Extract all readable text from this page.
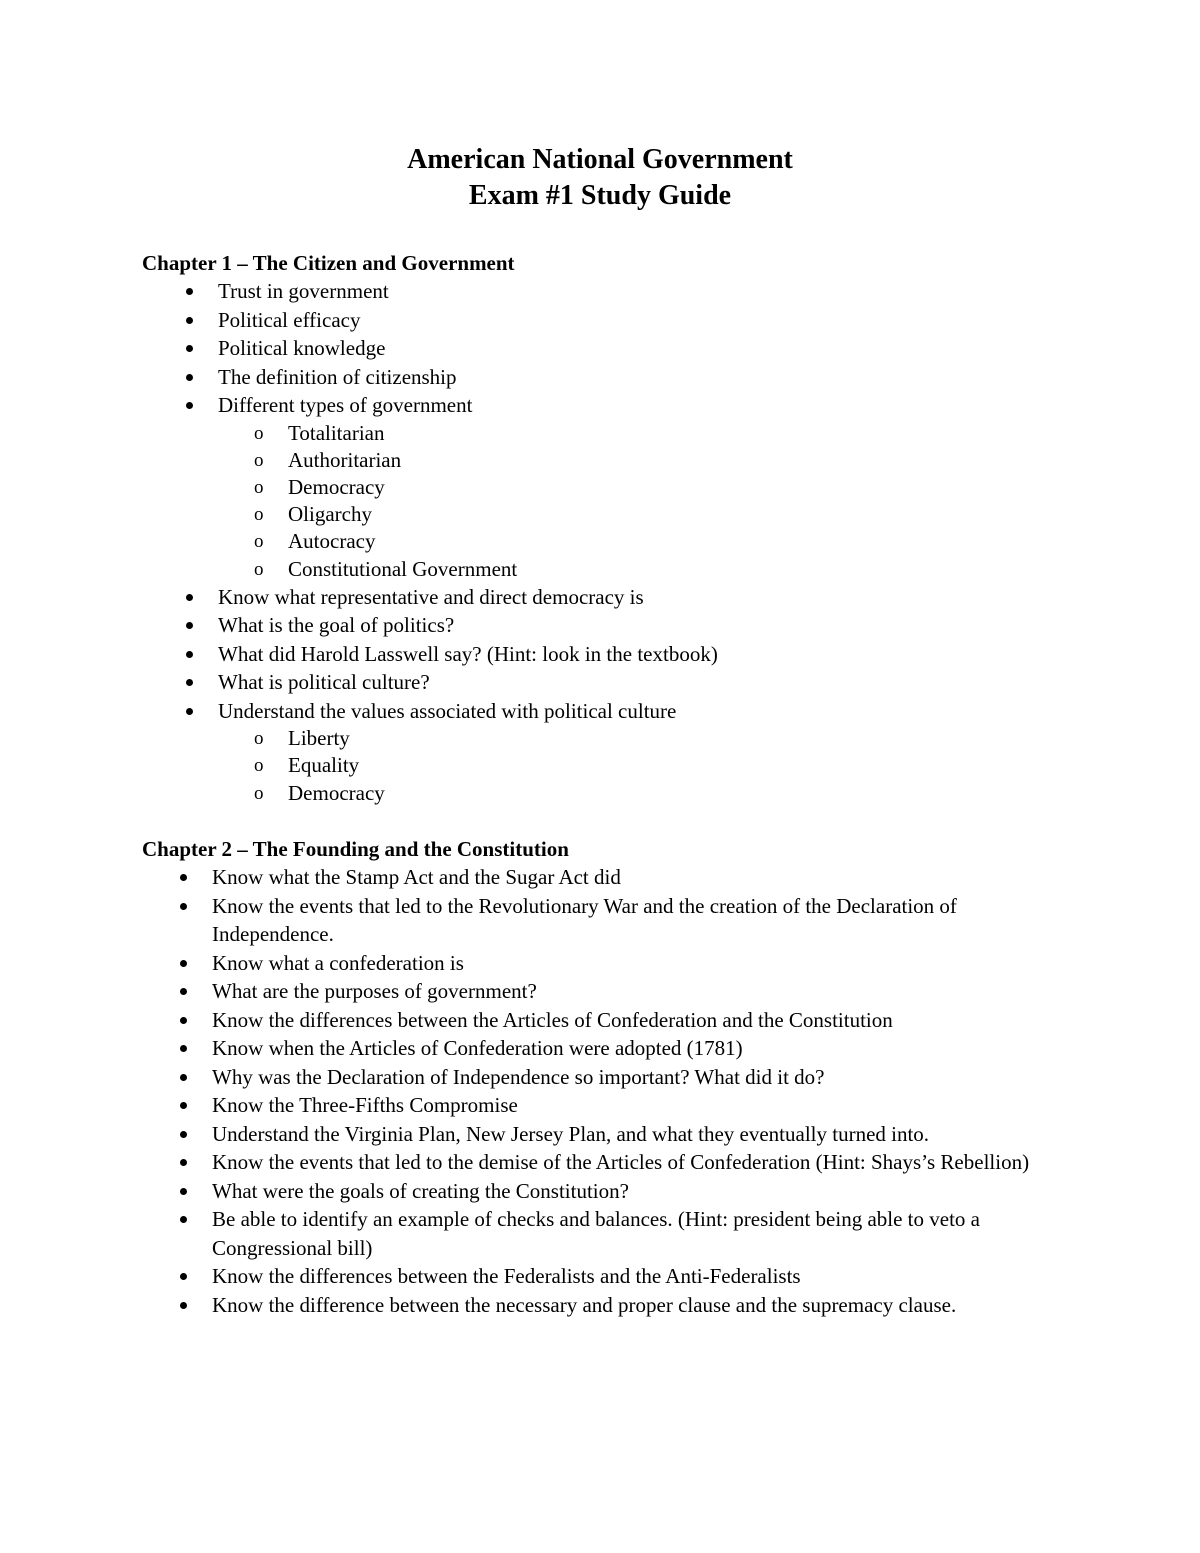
American National Government
Exam #1 Study Guide
Chapter 1 – The Citizen and Government
Trust in government
Political efficacy
Political knowledge
The definition of citizenship
Different types of government
o Totalitarian
o Authoritarian
o Democracy
o Oligarchy
o Autocracy
o Constitutional Government
Know what representative and direct democracy is
What is the goal of politics?
What did Harold Lasswell say? (Hint: look in the textbook)
What is political culture?
Understand the values associated with political culture
o Liberty
o Equality
o Democracy
Chapter 2 – The Founding and the Constitution
Know what the Stamp Act and the Sugar Act did
Know the events that led to the Revolutionary War and the creation of the Declaration of Independence.
Know what a confederation is
What are the purposes of government?
Know the differences between the Articles of Confederation and the Constitution
Know when the Articles of Confederation were adopted (1781)
Why was the Declaration of Independence so important? What did it do?
Know the Three-Fifths Compromise
Understand the Virginia Plan, New Jersey Plan, and what they eventually turned into.
Know the events that led to the demise of the Articles of Confederation (Hint: Shays’s Rebellion)
What were the goals of creating the Constitution?
Be able to identify an example of checks and balances. (Hint: president being able to veto a Congressional bill)
Know the differences between the Federalists and the Anti-Federalists
Know the difference between the necessary and proper clause and the supremacy clause.
